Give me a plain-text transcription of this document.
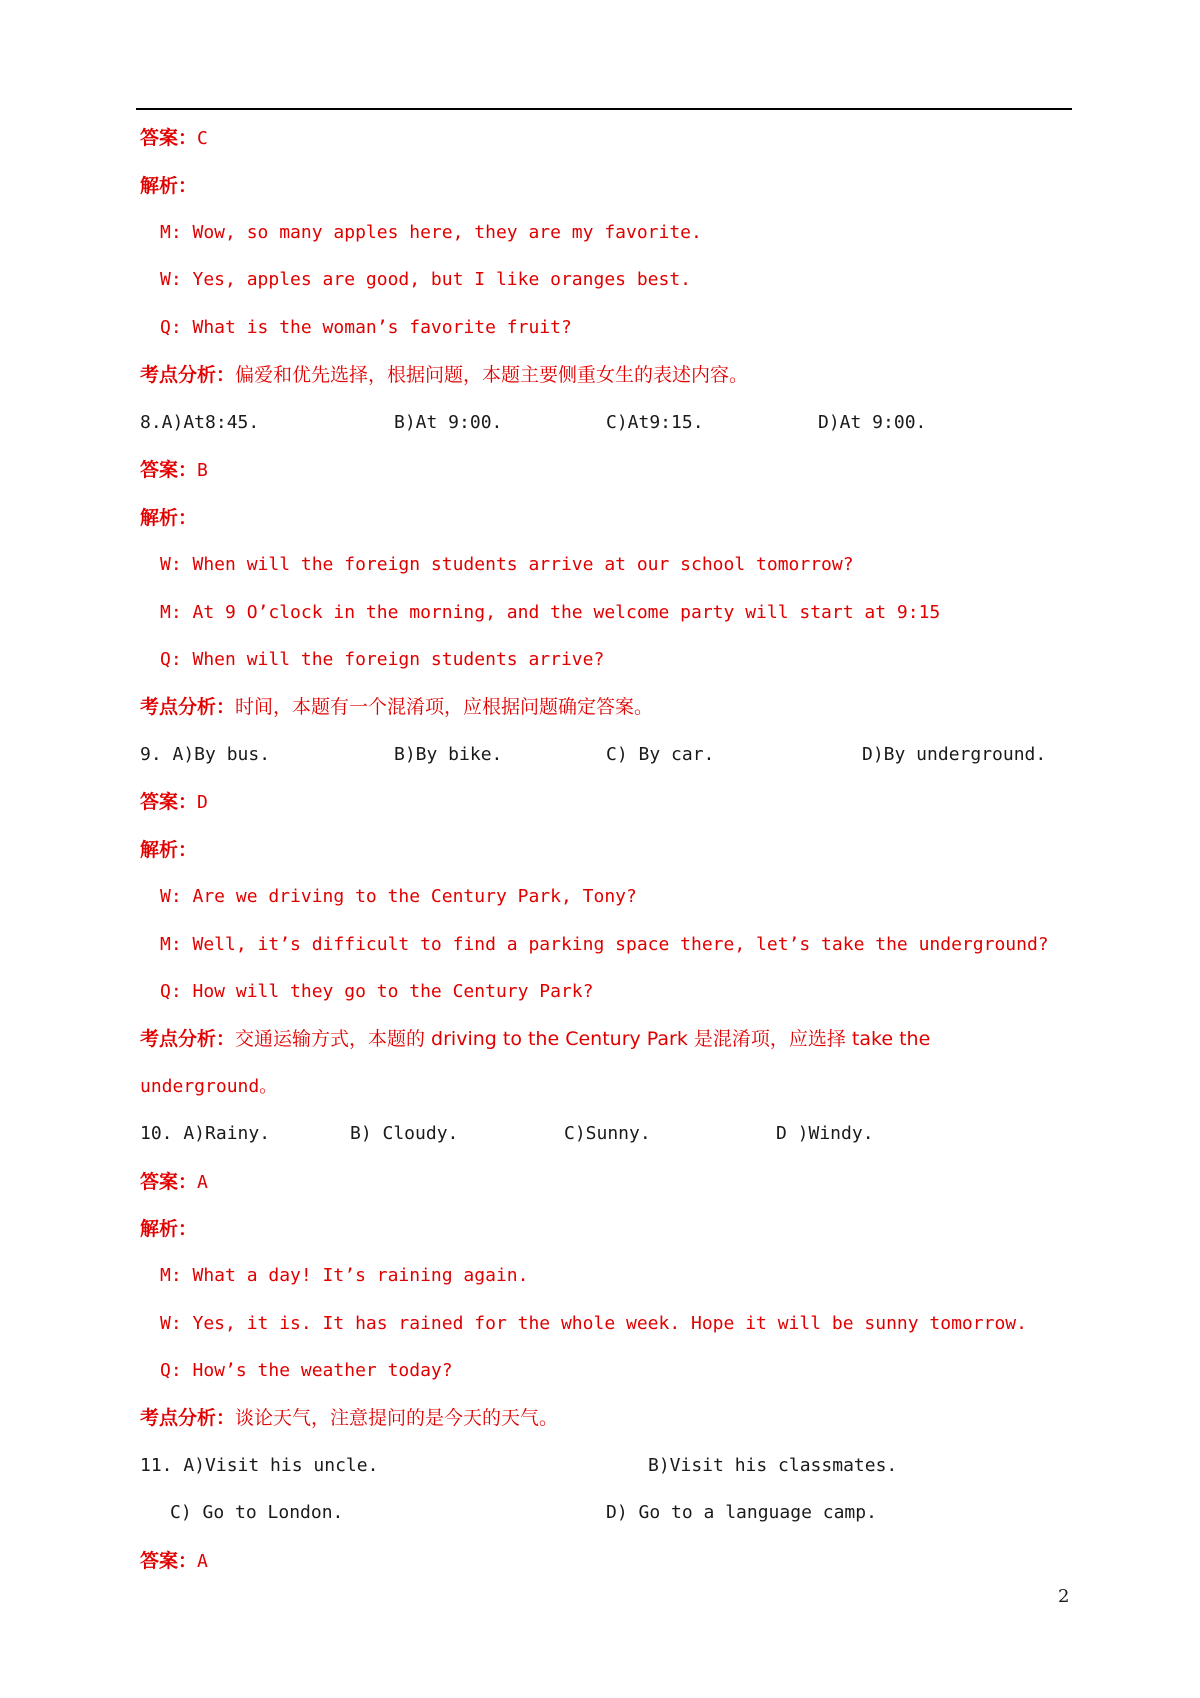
答案：C
解析：
M: Wow, so many apples here, they are my favorite.
W: Yes, apples are good, but I like oranges best.
Q: What is the woman’s favorite fruit?
考点分析：偏爱和优先选择，根据问题，本题主要侧重女生的表述内容。
8.A)At8:45.	B)At 9:00.	C)At9:15.	D)At 9:00.
答案：B
解析：
W: When will the foreign students arrive at our school tomorrow?
M: At 9 O’clock in the morning, and the welcome party will start at 9:15
Q: When will the foreign students arrive?
考点分析：时间，本题有一个混淆项，应根据问题确定答案。
9. A)By bus.	B)By bike.	C) By car.	D)By underground.
答案：D
解析：
W: Are we driving to the Century Park, Tony?
M: Well, it’s difficult to find a parking space there, let’s take the underground?
Q: How will they go to the Century Park?
考点分析：交通运输方式，本题的 driving to the Century Park 是混淆项，应选择 take the
underground。
10. A)Rainy.	B) Cloudy.	C)Sunny.	D )Windy.
答案：A
解析：
M: What a day! It’s raining again.
W: Yes, it is. It has rained for the whole week. Hope it will be sunny tomorrow.
Q: How’s the weather today?
考点分析：谈论天气，注意提问的是今天的天气。
11. A)Visit his uncle.	B)Visit his classmates.
C) Go to London.	D) Go to a language camp.
答案：A
2
